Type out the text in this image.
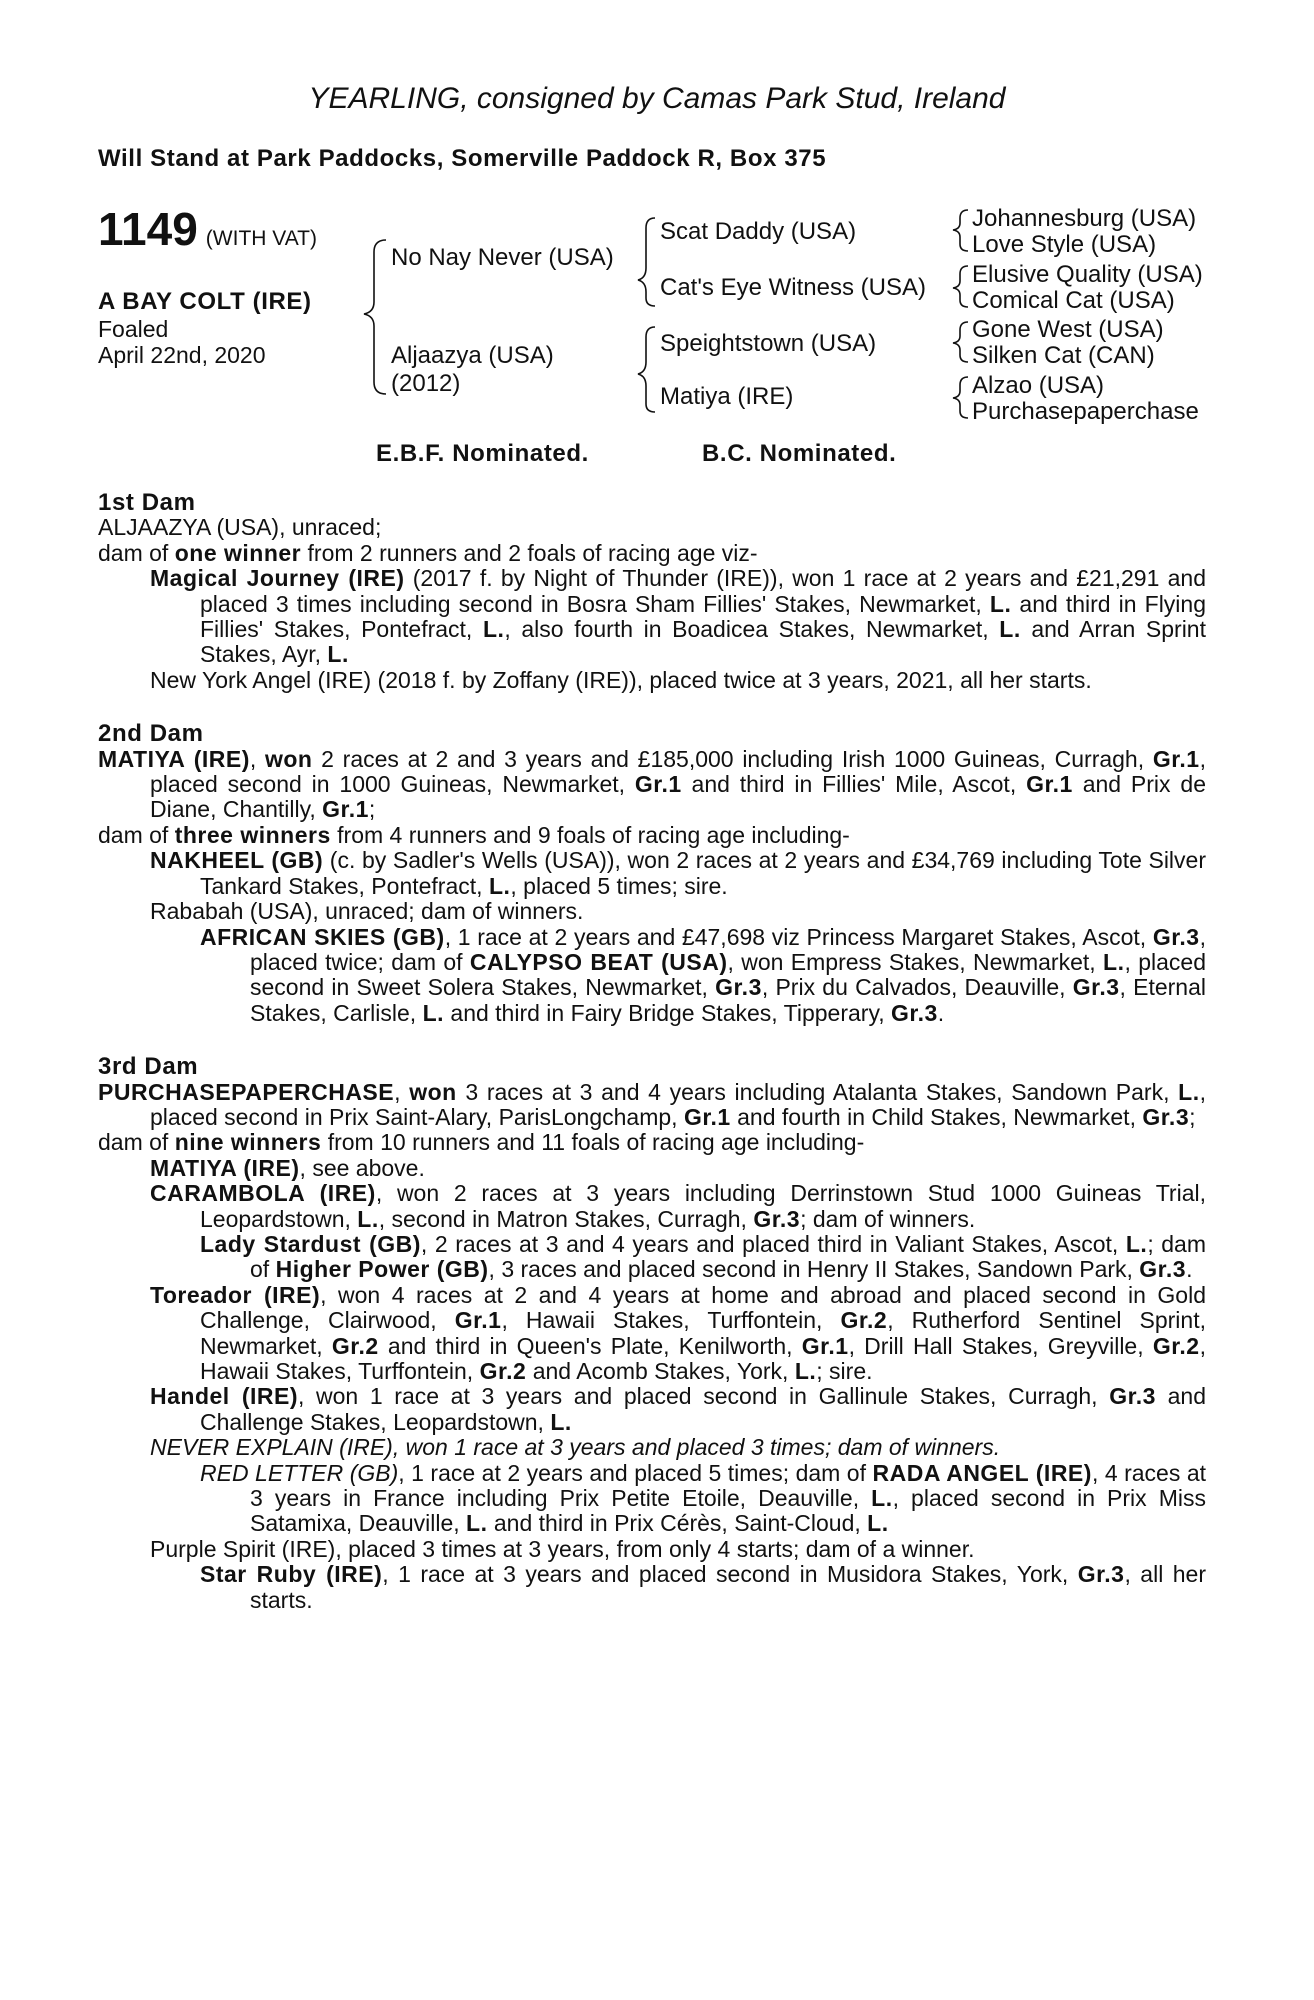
YEARLING, consigned by Camas Park Stud, Ireland
Will Stand at Park Paddocks, Somerville Paddock R, Box 375
1149 (WITH VAT)
A BAY COLT (IRE)
Foaled
April 22nd, 2020
No Nay Never (USA)
Aljaazya (USA)
(2012)
Scat Daddy (USA)
Cat's Eye Witness (USA)
Speightstown (USA)
Matiya (IRE)
Johannesburg (USA)
Love Style (USA)
Elusive Quality (USA)
Comical Cat (USA)
Gone West (USA)
Silken Cat (CAN)
Alzao (USA)
Purchasepaperchase
E.B.F. Nominated.	B.C. Nominated.

1st Dam

ALJAAZYA (USA), unraced;

dam of one winner from 2 runners and 2 foals of racing age viz-

Magical Journey (IRE) (2017 f. by Night of Thunder (IRE)), won 1 race at 2 years and £21,291 and placed 3 times including second in Bosra Sham Fillies' Stakes, Newmarket, L. and third in Flying Fillies' Stakes, Pontefract, L., also fourth in Boadicea Stakes, Newmarket, L. and Arran Sprint Stakes, Ayr, L.

New York Angel (IRE) (2018 f. by Zoffany (IRE)), placed twice at 3 years, 2021, all her starts.

2nd Dam

MATIYA (IRE), won 2 races at 2 and 3 years and £185,000 including Irish 1000 Guineas, Curragh, Gr.1, placed second in 1000 Guineas, Newmarket, Gr.1 and third in Fillies' Mile, Ascot, Gr.1 and Prix de Diane, Chantilly, Gr.1;

dam of three winners from 4 runners and 9 foals of racing age including-

NAKHEEL (GB) (c. by Sadler's Wells (USA)), won 2 races at 2 years and £34,769 including Tote Silver Tankard Stakes, Pontefract, L., placed 5 times; sire.

Rababah (USA), unraced; dam of winners.

AFRICAN SKIES (GB), 1 race at 2 years and £47,698 viz Princess Margaret Stakes, Ascot, Gr.3, placed twice; dam of CALYPSO BEAT (USA), won Empress Stakes, Newmarket, L., placed second in Sweet Solera Stakes, Newmarket, Gr.3, Prix du Calvados, Deauville, Gr.3, Eternal Stakes, Carlisle, L. and third in Fairy Bridge Stakes, Tipperary, Gr.3.

3rd Dam

PURCHASEPAPERCHASE, won 3 races at 3 and 4 years including Atalanta Stakes, Sandown Park, L., placed second in Prix Saint-Alary, ParisLongchamp, Gr.1 and fourth in Child Stakes, Newmarket, Gr.3;

dam of nine winners from 10 runners and 11 foals of racing age including-

MATIYA (IRE), see above.

CARAMBOLA (IRE), won 2 races at 3 years including Derrinstown Stud 1000 Guineas Trial, Leopardstown, L., second in Matron Stakes, Curragh, Gr.3; dam of winners.

Lady Stardust (GB), 2 races at 3 and 4 years and placed third in Valiant Stakes, Ascot, L.; dam of Higher Power (GB), 3 races and placed second in Henry II Stakes, Sandown Park, Gr.3.

Toreador (IRE), won 4 races at 2 and 4 years at home and abroad and placed second in Gold Challenge, Clairwood, Gr.1, Hawaii Stakes, Turffontein, Gr.2, Rutherford Sentinel Sprint, Newmarket, Gr.2 and third in Queen's Plate, Kenilworth, Gr.1, Drill Hall Stakes, Greyville, Gr.2, Hawaii Stakes, Turffontein, Gr.2 and Acomb Stakes, York, L.; sire.

Handel (IRE), won 1 race at 3 years and placed second in Gallinule Stakes, Curragh, Gr.3 and Challenge Stakes, Leopardstown, L.

NEVER EXPLAIN (IRE), won 1 race at 3 years and placed 3 times; dam of winners.

RED LETTER (GB), 1 race at 2 years and placed 5 times; dam of RADA ANGEL (IRE), 4 races at 3 years in France including Prix Petite Etoile, Deauville, L., placed second in Prix Miss Satamixa, Deauville, L. and third in Prix Cérès, Saint-Cloud, L.

Purple Spirit (IRE), placed 3 times at 3 years, from only 4 starts; dam of a winner.

Star Ruby (IRE), 1 race at 3 years and placed second in Musidora Stakes, York, Gr.3, all her starts.
